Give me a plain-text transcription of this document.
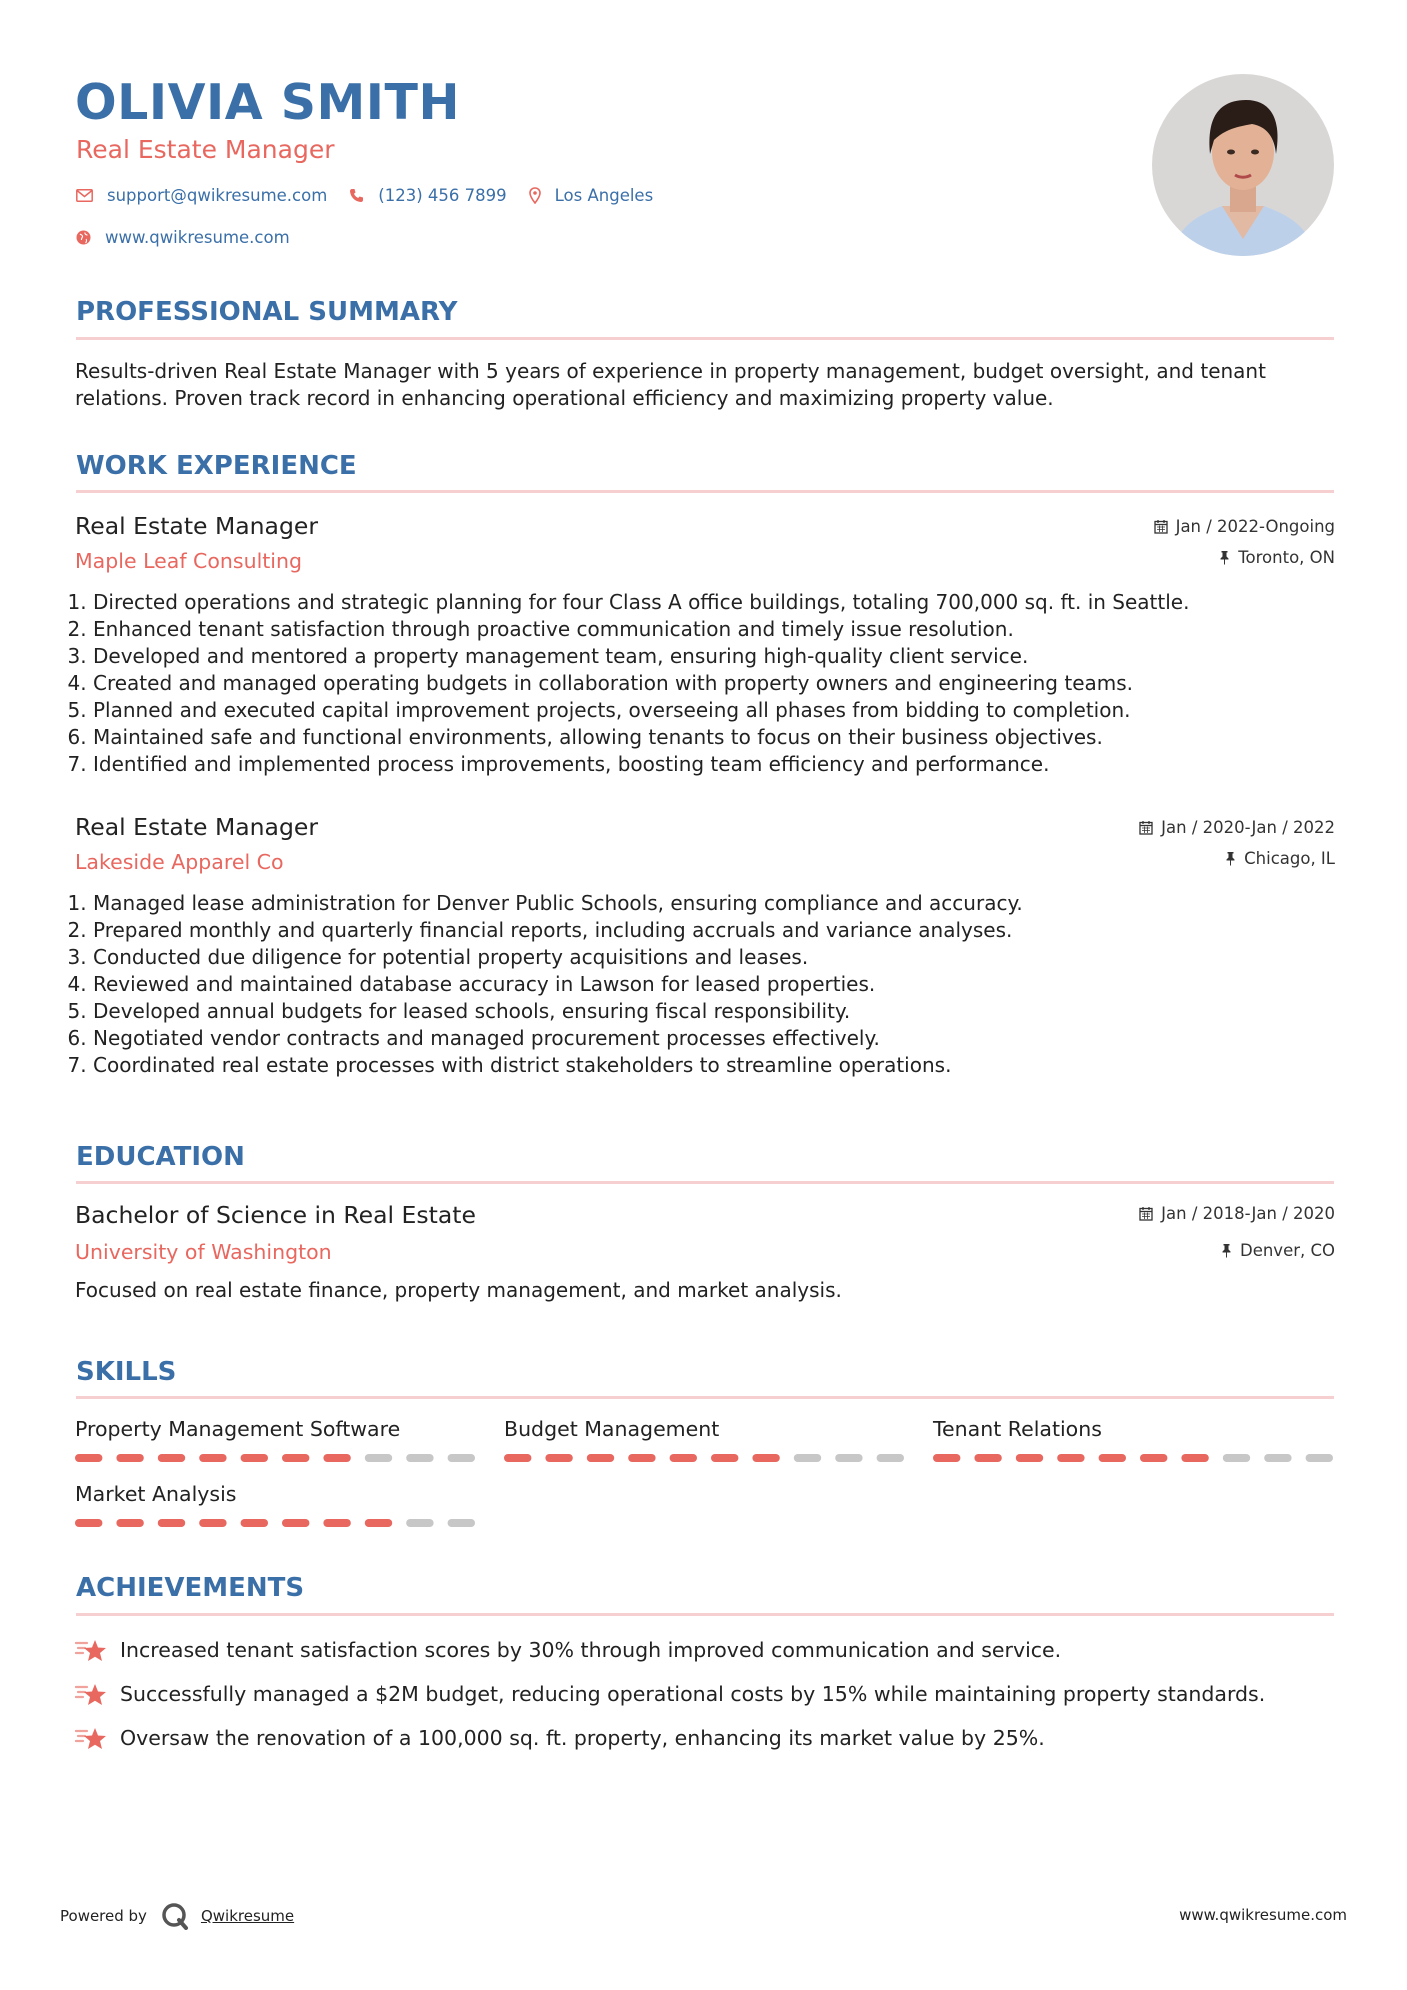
OLIVIA SMITH
Real Estate Manager
support@qwikresume.com	(123) 456 7899	Los Angeles
www.qwikresume.com
PROFESSIONAL SUMMARY
Results-driven Real Estate Manager with 5 years of experience in property management, budget oversight, and tenant relations. Proven track record in enhancing operational efficiency and maximizing property value.
WORK EXPERIENCE
Real Estate Manager
Maple Leaf Consulting
Jan / 2022-Ongoing
Toronto, ON
1. Directed operations and strategic planning for four Class A office buildings, totaling 700,000 sq. ft. in Seattle.
2. Enhanced tenant satisfaction through proactive communication and timely issue resolution.
3. Developed and mentored a property management team, ensuring high-quality client service.
4. Created and managed operating budgets in collaboration with property owners and engineering teams.
5. Planned and executed capital improvement projects, overseeing all phases from bidding to completion.
6. Maintained safe and functional environments, allowing tenants to focus on their business objectives.
7. Identified and implemented process improvements, boosting team efficiency and performance.
Real Estate Manager
Lakeside Apparel Co
Jan / 2020-Jan / 2022
Chicago, IL
1. Managed lease administration for Denver Public Schools, ensuring compliance and accuracy.
2. Prepared monthly and quarterly financial reports, including accruals and variance analyses.
3. Conducted due diligence for potential property acquisitions and leases.
4. Reviewed and maintained database accuracy in Lawson for leased properties.
5. Developed annual budgets for leased schools, ensuring fiscal responsibility.
6. Negotiated vendor contracts and managed procurement processes effectively.
7. Coordinated real estate processes with district stakeholders to streamline operations.
EDUCATION
Bachelor of Science in Real Estate
University of Washington
Jan / 2018-Jan / 2020
Denver, CO
Focused on real estate finance, property management, and market analysis.
SKILLS
Property Management Software	Budget Management	Tenant Relations
Market Analysis
ACHIEVEMENTS
Increased tenant satisfaction scores by 30% through improved communication and service.
Successfully managed a $2M budget, reducing operational costs by 15% while maintaining property standards.
Oversaw the renovation of a 100,000 sq. ft. property, enhancing its market value by 25%.
Powered by	Qwikresume	www.qwikresume.com
